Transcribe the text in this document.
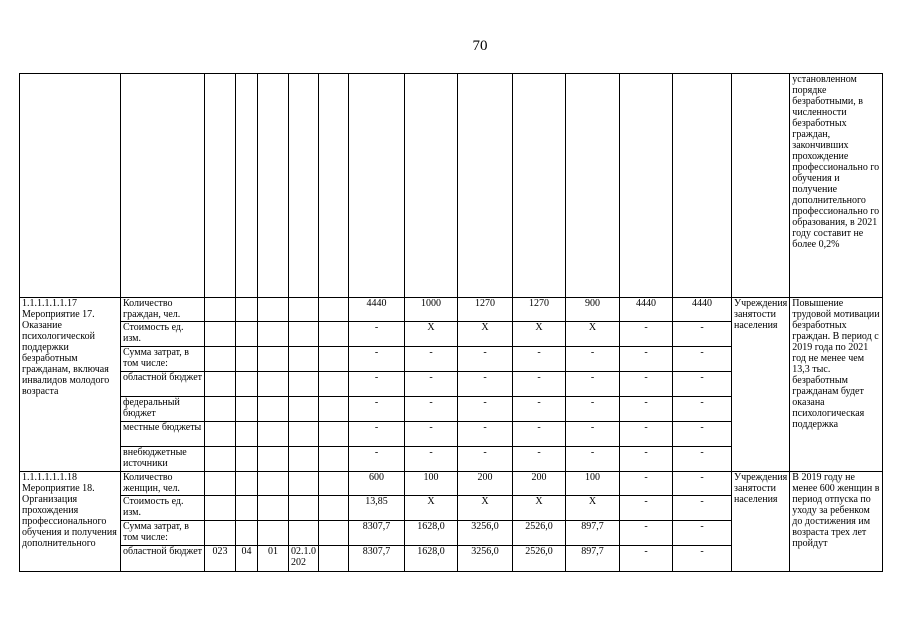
70
															установленном порядке безработными, в численности безработных граждан, закончивших прохождение профессионально го обучения и получение дополнительного профессионально го образования, в 2021 году составит не более 0,2%
1.1.1.1.1.1.17 Мероприятие 17. Оказание психологической поддержки безработным гражданам, включая инвалидов молодого возраста	Количество граждан, чел.						4440	1000	1270	1270	900	4440	4440	Учреждения занятости населения	Повышение трудовой мотивации безработных граждан. В период с 2019 года по 2021 год не менее чем 13,3 тыс. безработным гражданам будет оказана психологическая поддержка
	Стоимость ед. изм.						-	X	X	X	X	-	-		
	Сумма затрат, в том числе:						-	-	-	-	-	-	-		
	областной бюджет						-	-	-	-	-	-	-		
	федеральный бюджет						-	-	-	-	-	-	-		
	местные бюджеты						-	-	-	-	-	-	-		
	внебюджетные источники						-	-	-	-	-	-	-		
1.1.1.1.1.1.18 Мероприятие 18. Организация прохождения профессионального обучения и получения дополнительного	Количество женщин, чел.						600	100	200	200	100	-	-	Учреждения занятости населения	В 2019 году не менее 600 женщин в период отпуска по уходу за ребенком до достижения им возраста трех лет пройдут
	Стоимость ед. изм.						13,85	X	X	X	X	-	-		
	Сумма затрат, в том числе:						8307,7	1628,0	3256,0	2526,0	897,7	-	-		
	областной бюджет	023	04	01	02.1.0202		8307,7	1628,0	3256,0	2526,0	897,7	-	-		
